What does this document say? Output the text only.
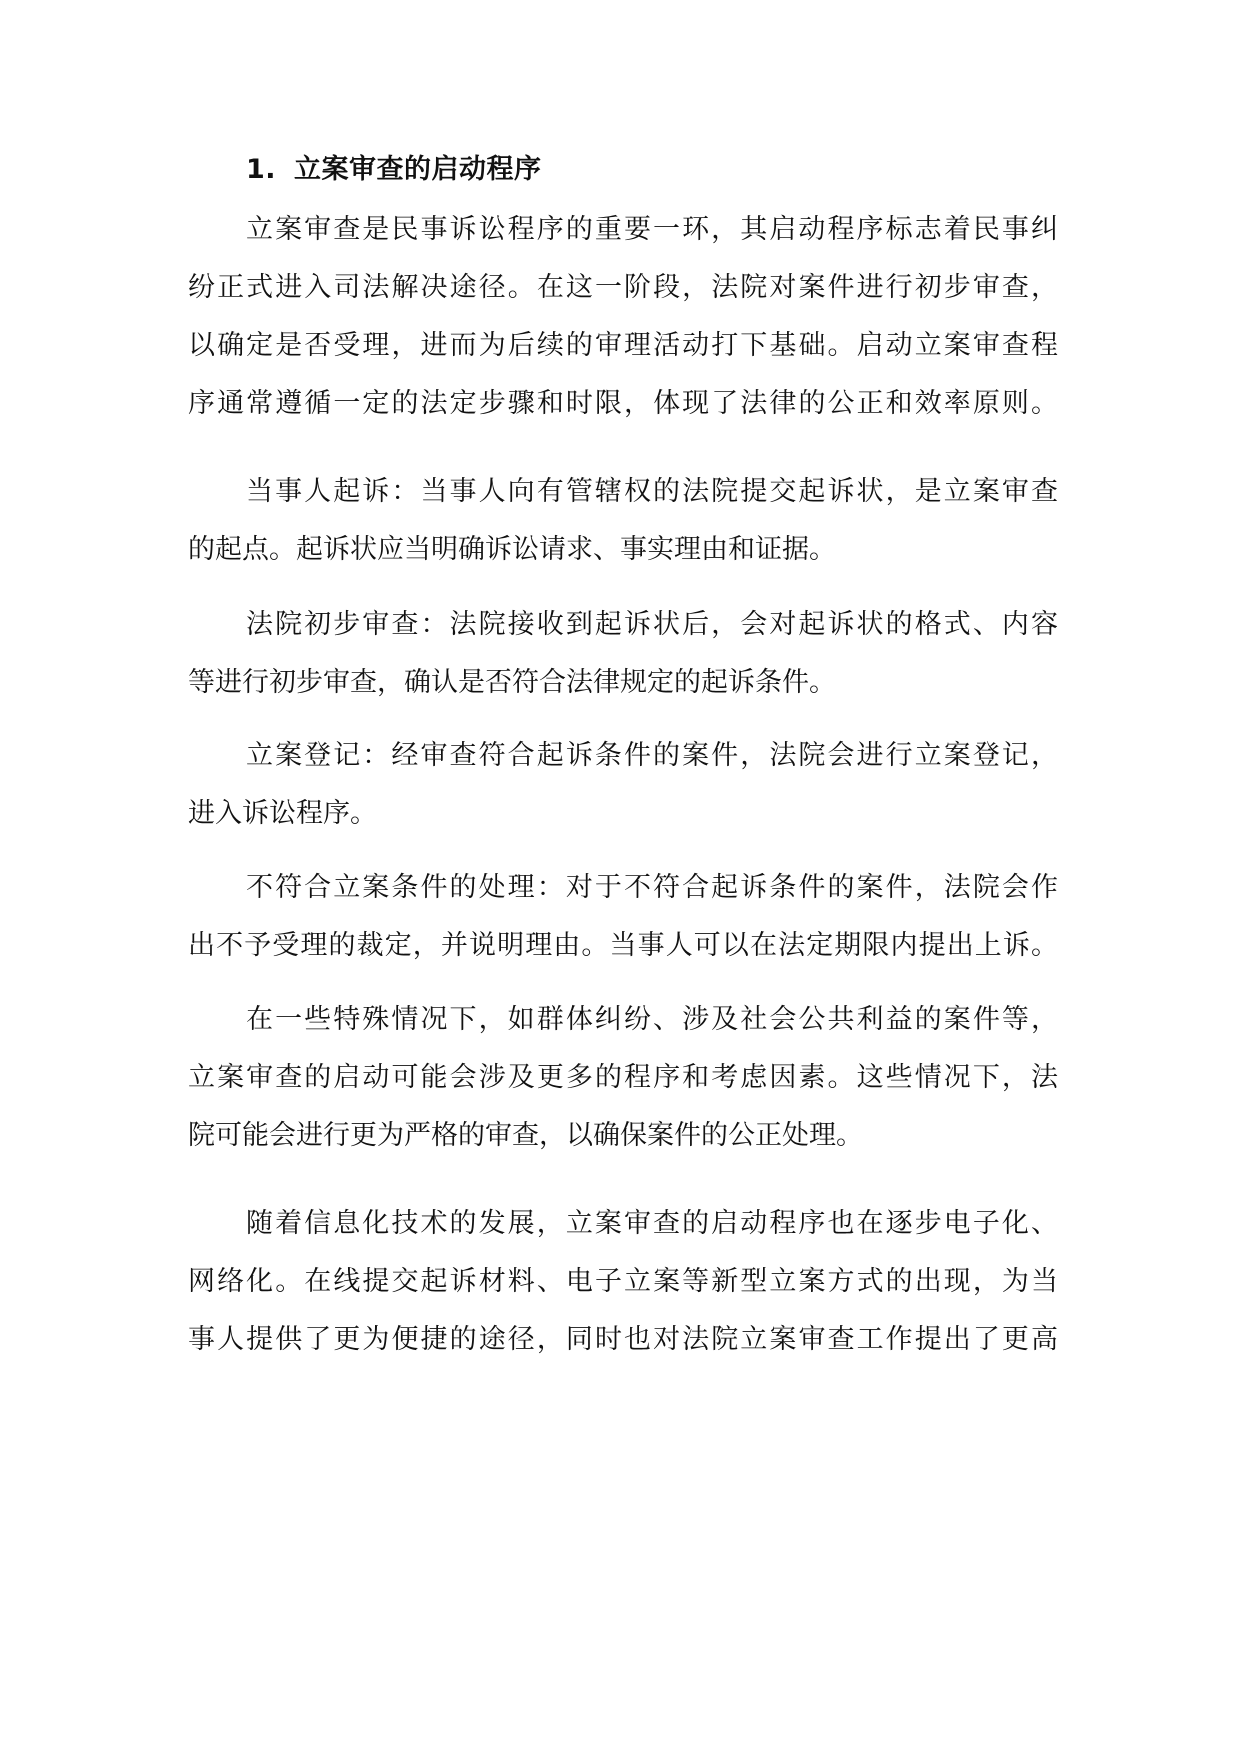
1. 立案审查的启动程序
立案审查是民事诉讼程序的重要一环，其启动程序标志着民事纠
纷正式进入司法解决途径。在这一阶段，法院对案件进行初步审查，
以确定是否受理，进而为后续的审理活动打下基础。启动立案审查程
序通常遵循一定的法定步骤和时限，体现了法律的公正和效率原则。
当事人起诉：当事人向有管辖权的法院提交起诉状，是立案审查
的起点。起诉状应当明确诉讼请求、事实理由和证据。
法院初步审查：法院接收到起诉状后，会对起诉状的格式、内容
等进行初步审查，确认是否符合法律规定的起诉条件。
立案登记：经审查符合起诉条件的案件，法院会进行立案登记，
进入诉讼程序。
不符合立案条件的处理：对于不符合起诉条件的案件，法院会作
出不予受理的裁定，并说明理由。当事人可以在法定期限内提出上诉。
在一些特殊情况下，如群体纠纷、涉及社会公共利益的案件等，
立案审查的启动可能会涉及更多的程序和考虑因素。这些情况下，法
院可能会进行更为严格的审查，以确保案件的公正处理。
随着信息化技术的发展，立案审查的启动程序也在逐步电子化、
网络化。在线提交起诉材料、电子立案等新型立案方式的出现，为当
事人提供了更为便捷的途径，同时也对法院立案审查工作提出了更高
